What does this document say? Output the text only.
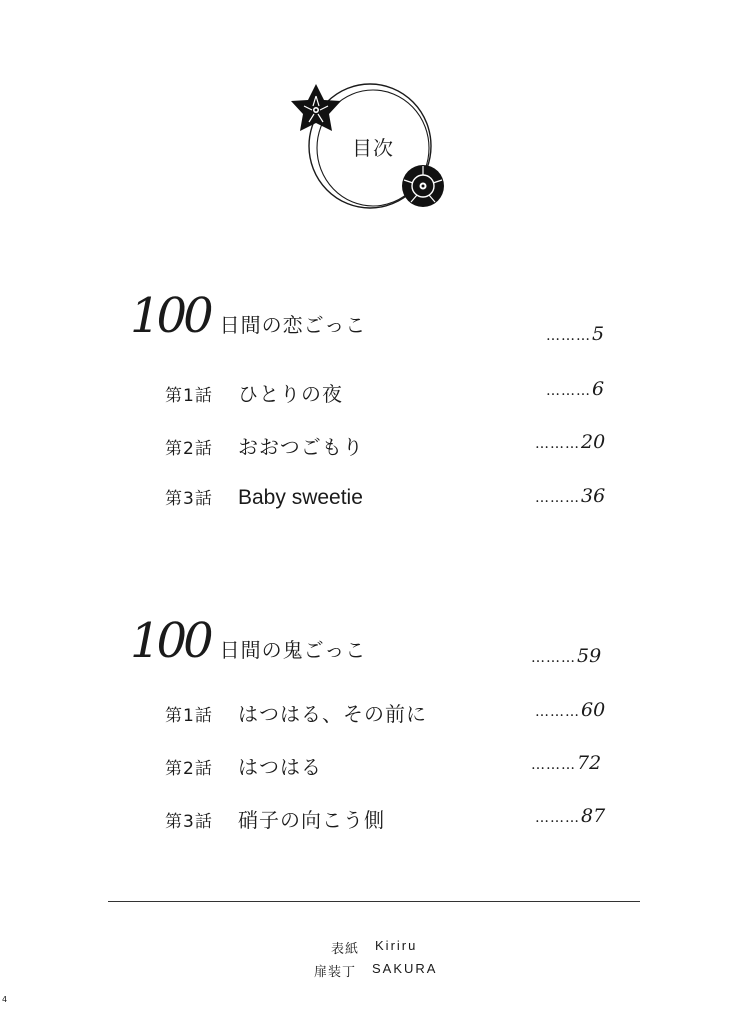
目次
100 日間の恋ごっこ	………5
第1話	ひとりの夜	………6
第2話	おおつごもり	………20
第3話	Baby sweetie	………36
100 日間の鬼ごっこ	………59
第1話	はつはる、その前に	………60
第2話	はつはる	………72
第3話	硝子の向こう側	………87
表紙 Kiriru
扉装丁 SAKURA
4
